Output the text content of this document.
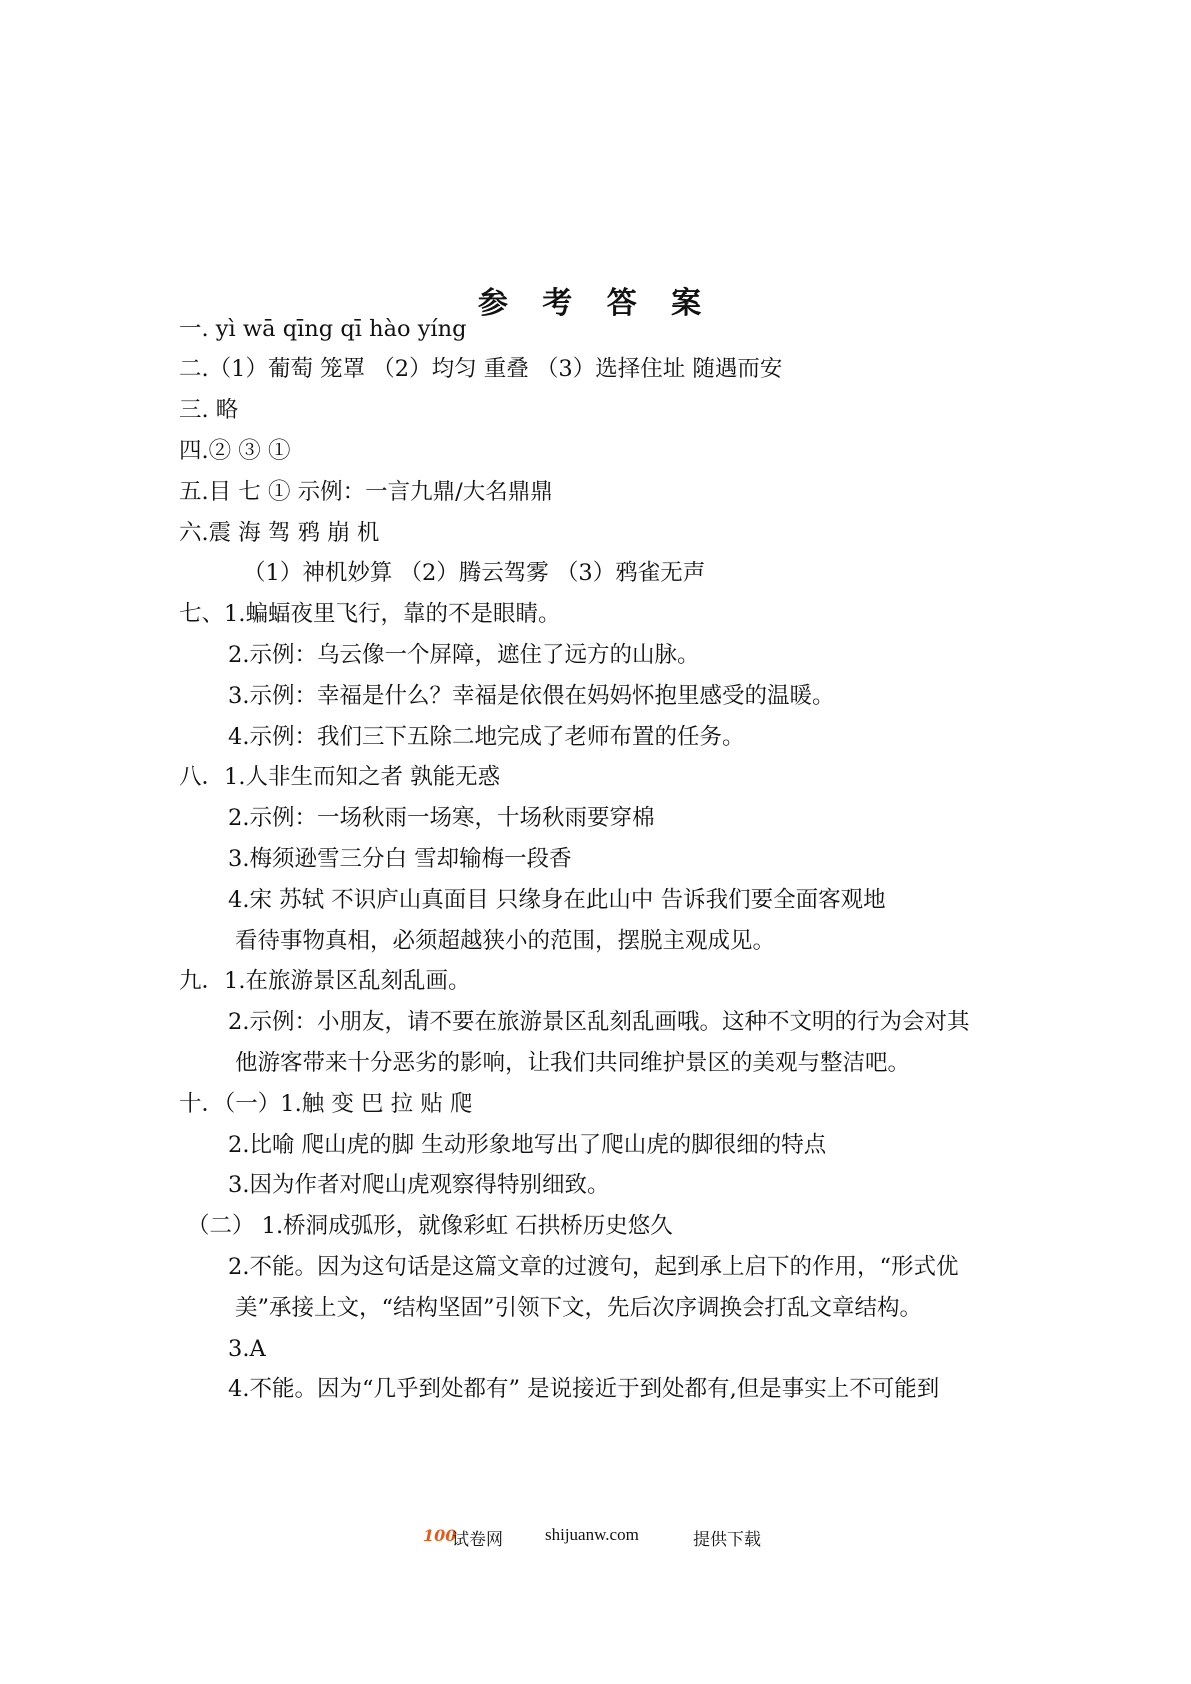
参 考 答 案
一. yì wā qīng qī hào yíng
二.（1）葡萄 笼罩 （2）均匀 重叠 （3）选择住址 随遇而安
三. 略
四.② ③ ①
五.目 七 ① 示例：一言九鼎/大名鼎鼎
六.震 海 驾 鸦 崩 机
（1）神机妙算 （2）腾云驾雾 （3）鸦雀无声
七、1.蝙蝠夜里飞行，靠的不是眼睛。
2.示例：乌云像一个屏障，遮住了远方的山脉。
3.示例：幸福是什么？幸福是依偎在妈妈怀抱里感受的温暖。
4.示例：我们三下五除二地完成了老师布置的任务。
八．1.人非生而知之者 孰能无惑
2.示例：一场秋雨一场寒，十场秋雨要穿棉
3.梅须逊雪三分白 雪却输梅一段香
4.宋 苏轼 不识庐山真面目 只缘身在此山中 告诉我们要全面客观地
看待事物真相，必须超越狭小的范围，摆脱主观成见。
九．1.在旅游景区乱刻乱画。
2.示例：小朋友，请不要在旅游景区乱刻乱画哦。这种不文明的行为会对其
他游客带来十分恶劣的影响，让我们共同维护景区的美观与整洁吧。
十．（一）1.触 变 巴 拉 贴 爬
2.比喻 爬山虎的脚 生动形象地写出了爬山虎的脚很细的特点
3.因为作者对爬山虎观察得特别细致。
（二） 1.桥洞成弧形，就像彩虹 石拱桥历史悠久
2.不能。因为这句话是这篇文章的过渡句，起到承上启下的作用，“形式优
美”承接上文，“结构坚固”引领下文，先后次序调换会打乱文章结构。
3.A
4.不能。因为“几乎到处都有” 是说接近于到处都有,但是事实上不可能到
100
试卷网 shijuanw.com	提供下载
